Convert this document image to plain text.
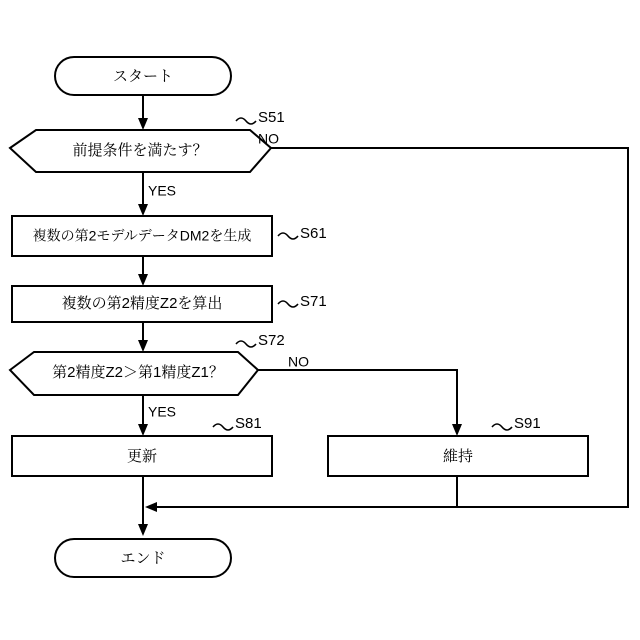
スタート
前提条件を満たす？
複数の第2モデルデータDM2を生成
複数の第2精度Z2を算出
第2精度Z2＞第1精度Z1？
更新	維持
エンド
S51
S61
S71
S72
S81	S91
YES
NO
YES
NO
